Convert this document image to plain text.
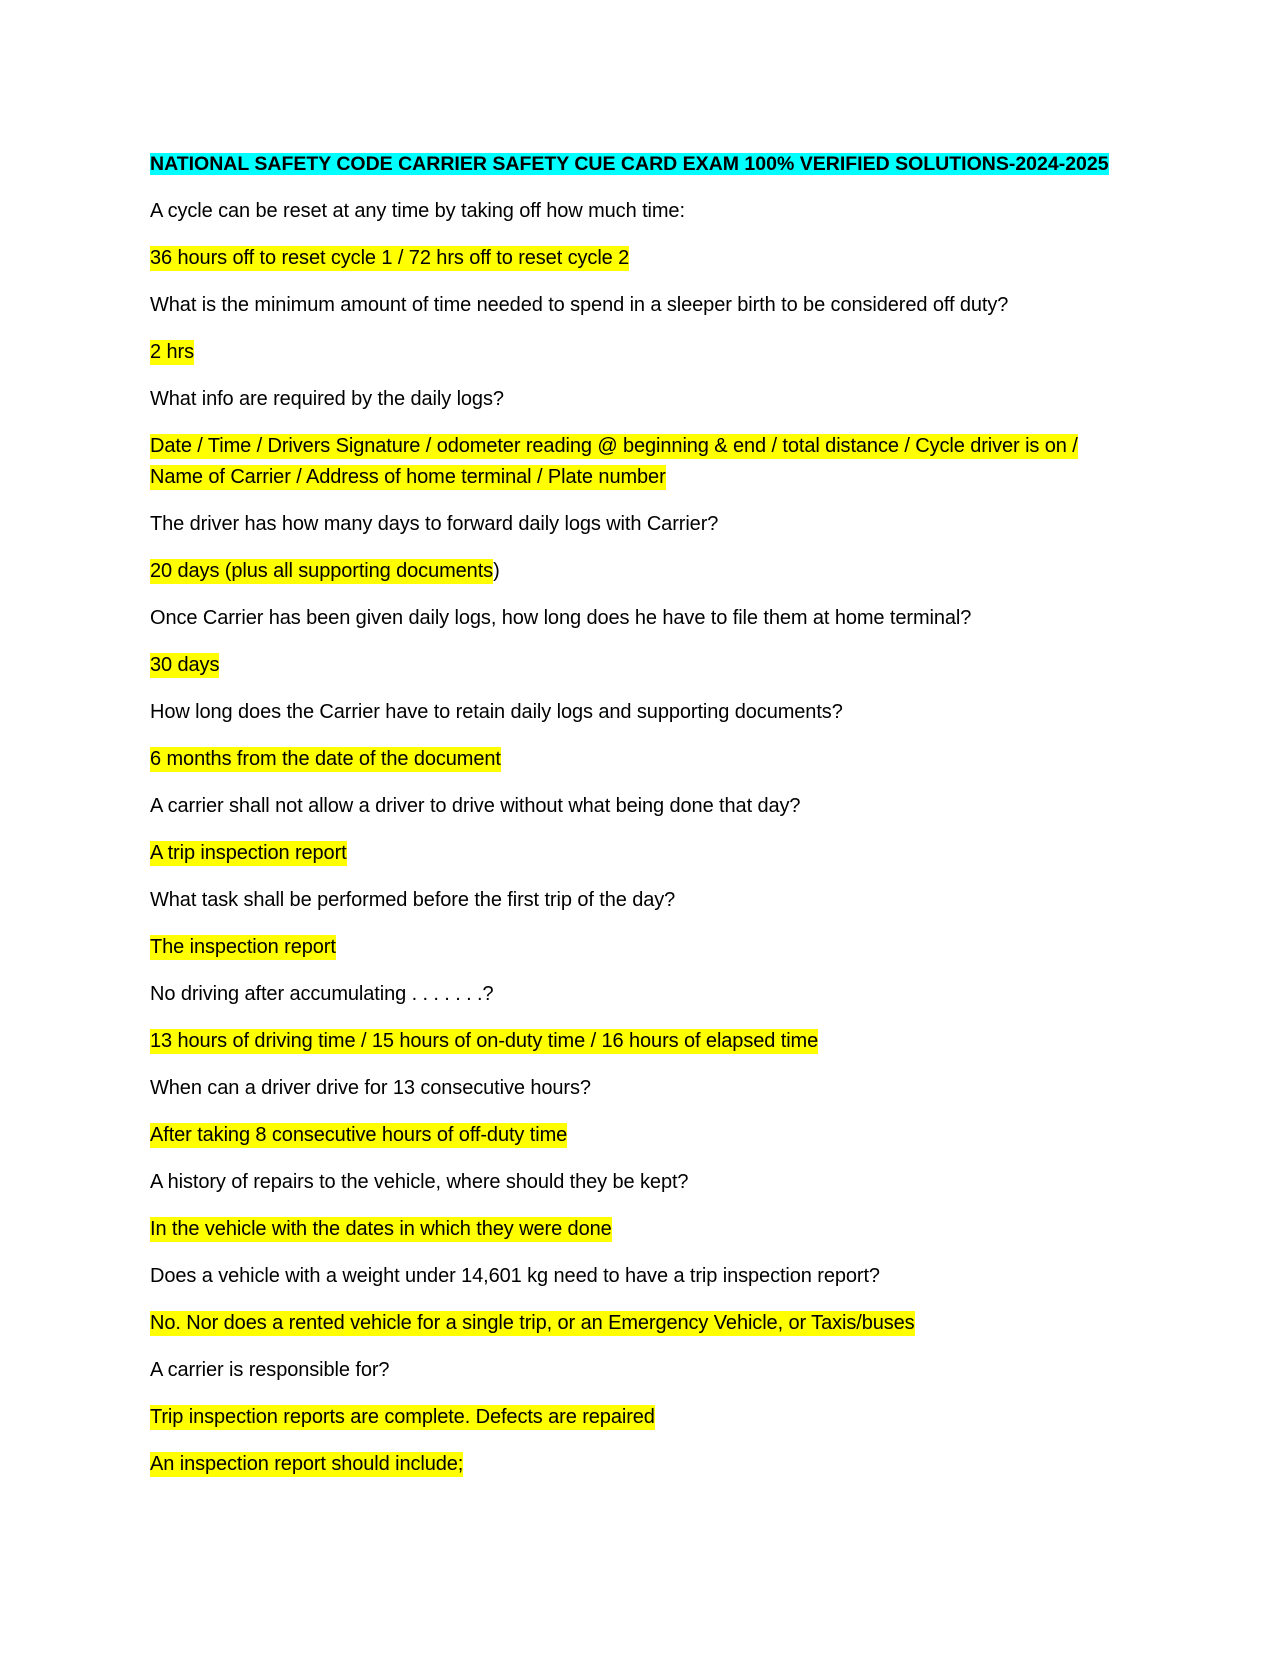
NATIONAL SAFETY CODE CARRIER SAFETY CUE CARD EXAM 100% VERIFIED SOLUTIONS-2024-2025

A cycle can be reset at any time by taking off how much time:

36 hours off to reset cycle 1 / 72 hrs off to reset cycle 2

What is the minimum amount of time needed to spend in a sleeper birth to be considered off duty?

2 hrs

What info are required by the daily logs?

Date / Time / Drivers Signature / odometer reading @ beginning & end / total distance / Cycle driver is on / Name of Carrier / Address of home terminal / Plate number

The driver has how many days to forward daily logs with Carrier?

20 days (plus all supporting documents)

Once Carrier has been given daily logs, how long does he have to file them at home terminal?

30 days

How long does the Carrier have to retain daily logs and supporting documents?

6 months from the date of the document

A carrier shall not allow a driver to drive without what being done that day?

A trip inspection report

What task shall be performed before the first trip of the day?

The inspection report

No driving after accumulating . . . . . . .?

13 hours of driving time / 15 hours of on-duty time / 16 hours of elapsed time

When can a driver drive for 13 consecutive hours?

After taking 8 consecutive hours of off-duty time

A history of repairs to the vehicle, where should they be kept?

In the vehicle with the dates in which they were done

Does a vehicle with a weight under 14,601 kg need to have a trip inspection report?

No. Nor does a rented vehicle for a single trip, or an Emergency Vehicle, or Taxis/buses

A carrier is responsible for?

Trip inspection reports are complete. Defects are repaired

An inspection report should include;
